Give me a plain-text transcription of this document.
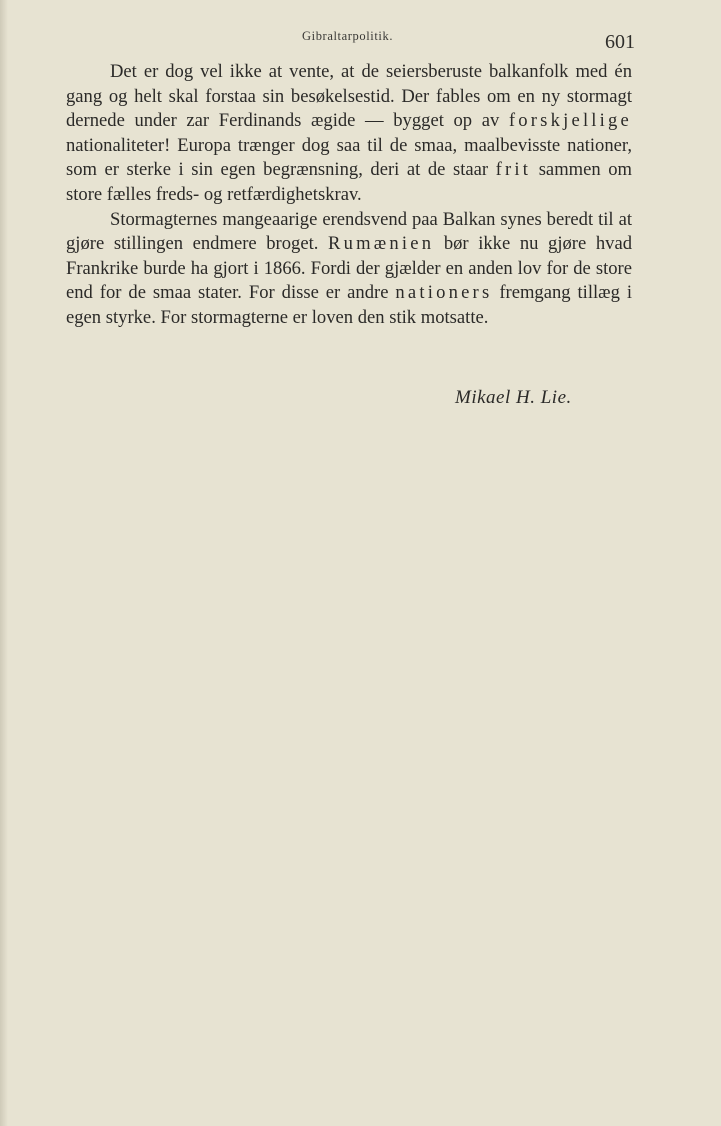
Gibraltarpolitik.	601

Det er dog vel ikke at vente, at de seiersberuste balkanfolk med én gang og helt skal forstaa sin besøkelsestid. Der fables om en ny stormagt dernede under zar Ferdinands ægide — bygget op av forskjellige nationaliteter! Europa trænger dog saa til de smaa, maalbevisste nationer, som er sterke i sin egen begrænsning, deri at de staar frit sammen om store fælles freds- og retfærdighetskrav.

Stormagternes mangeaarige erendsvend paa Balkan synes beredt til at gjøre stillingen endmere broget. Rumænien bør ikke nu gjøre hvad Frankrike burde ha gjort i 1866. Fordi der gjælder en anden lov for de store end for de smaa stater. For disse er andre nationers fremgang tillæg i egen styrke. For stormagterne er loven den stik motsatte.

Mikael H. Lie.
